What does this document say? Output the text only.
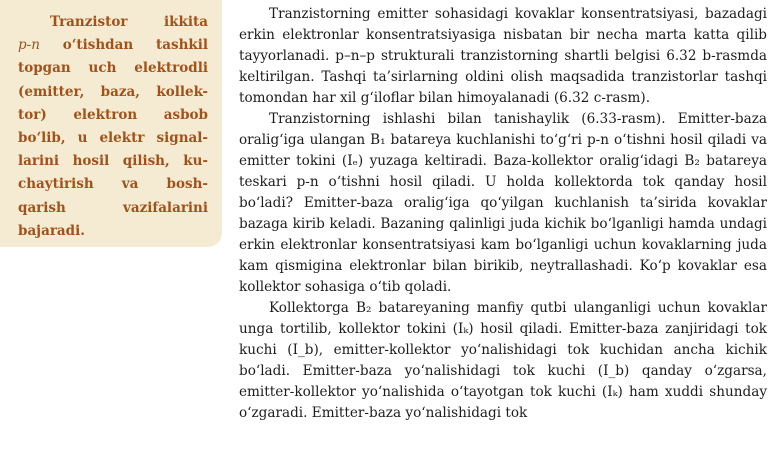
Tranzistor ikkita
p-n o‘tishdan tashkil
topgan uch elektrodli
(emitter, baza, kollek-
tor) elektron asbob
bo‘lib, u elektr signal-
larini hosil qilish, ku-
chaytirish va bosh-
qarish vazifalarini
bajaradi.

Tranzistorning emitter sohasidagi kovaklar konsentratsiyasi, bazadagi erkin elektronlar konsentratsiyasiga nisbatan bir necha marta katta qilib tayyorlanadi. p–n–p strukturali tranzistorning shartli belgisi 6.32 b-rasmda keltirilgan. Tashqi ta’sirlarning oldini olish maqsadida tranzistorlar tashqi tomondan har xil g‘iloflar bilan himoyalanadi (6.32 c-rasm).

Tranzistorning ishlashi bilan tanishaylik (6.33-rasm). Emitter-baza oralig‘iga ulangan B₁ batareya kuchlanishi to‘g‘ri p-n o‘tishni hosil qiladi va emitter tokini (Iₑ) yuzaga keltiradi. Baza-kollektor oralig‘idagi B₂ batareya teskari p-n o‘tishni hosil qiladi. U holda kollektorda tok qanday hosil bo‘ladi? Emitter-baza oralig‘iga qo‘yilgan kuchlanish ta’sirida kovaklar bazaga kirib keladi. Bazaning qalinligi juda kichik bo‘lganligi hamda undagi erkin elektronlar konsentratsiyasi kam bo‘lganligi uchun kovaklarning juda kam qismigina elektronlar bilan birikib, neytrallashadi. Ko‘p kovaklar esa kollektor sohasiga o‘tib qoladi.

Kollektorga B₂ batareyaning manfiy qutbi ulanganligi uchun kovaklar unga tortilib, kollektor tokini (Iₖ) hosil qiladi. Emitter-baza zanjiridagi tok kuchi (I_b), emitter-kollektor yo‘nalishidagi tok kuchidan ancha kichik bo‘ladi. Emitter-baza yo‘nalishidagi tok kuchi (I_b) qanday o‘zgarsa, emitter-kollektor yo‘nalishida o‘tayotgan tok kuchi (Iₖ) ham xuddi shunday o‘zgaradi. Emitter-baza yo‘nalishidagi tok
